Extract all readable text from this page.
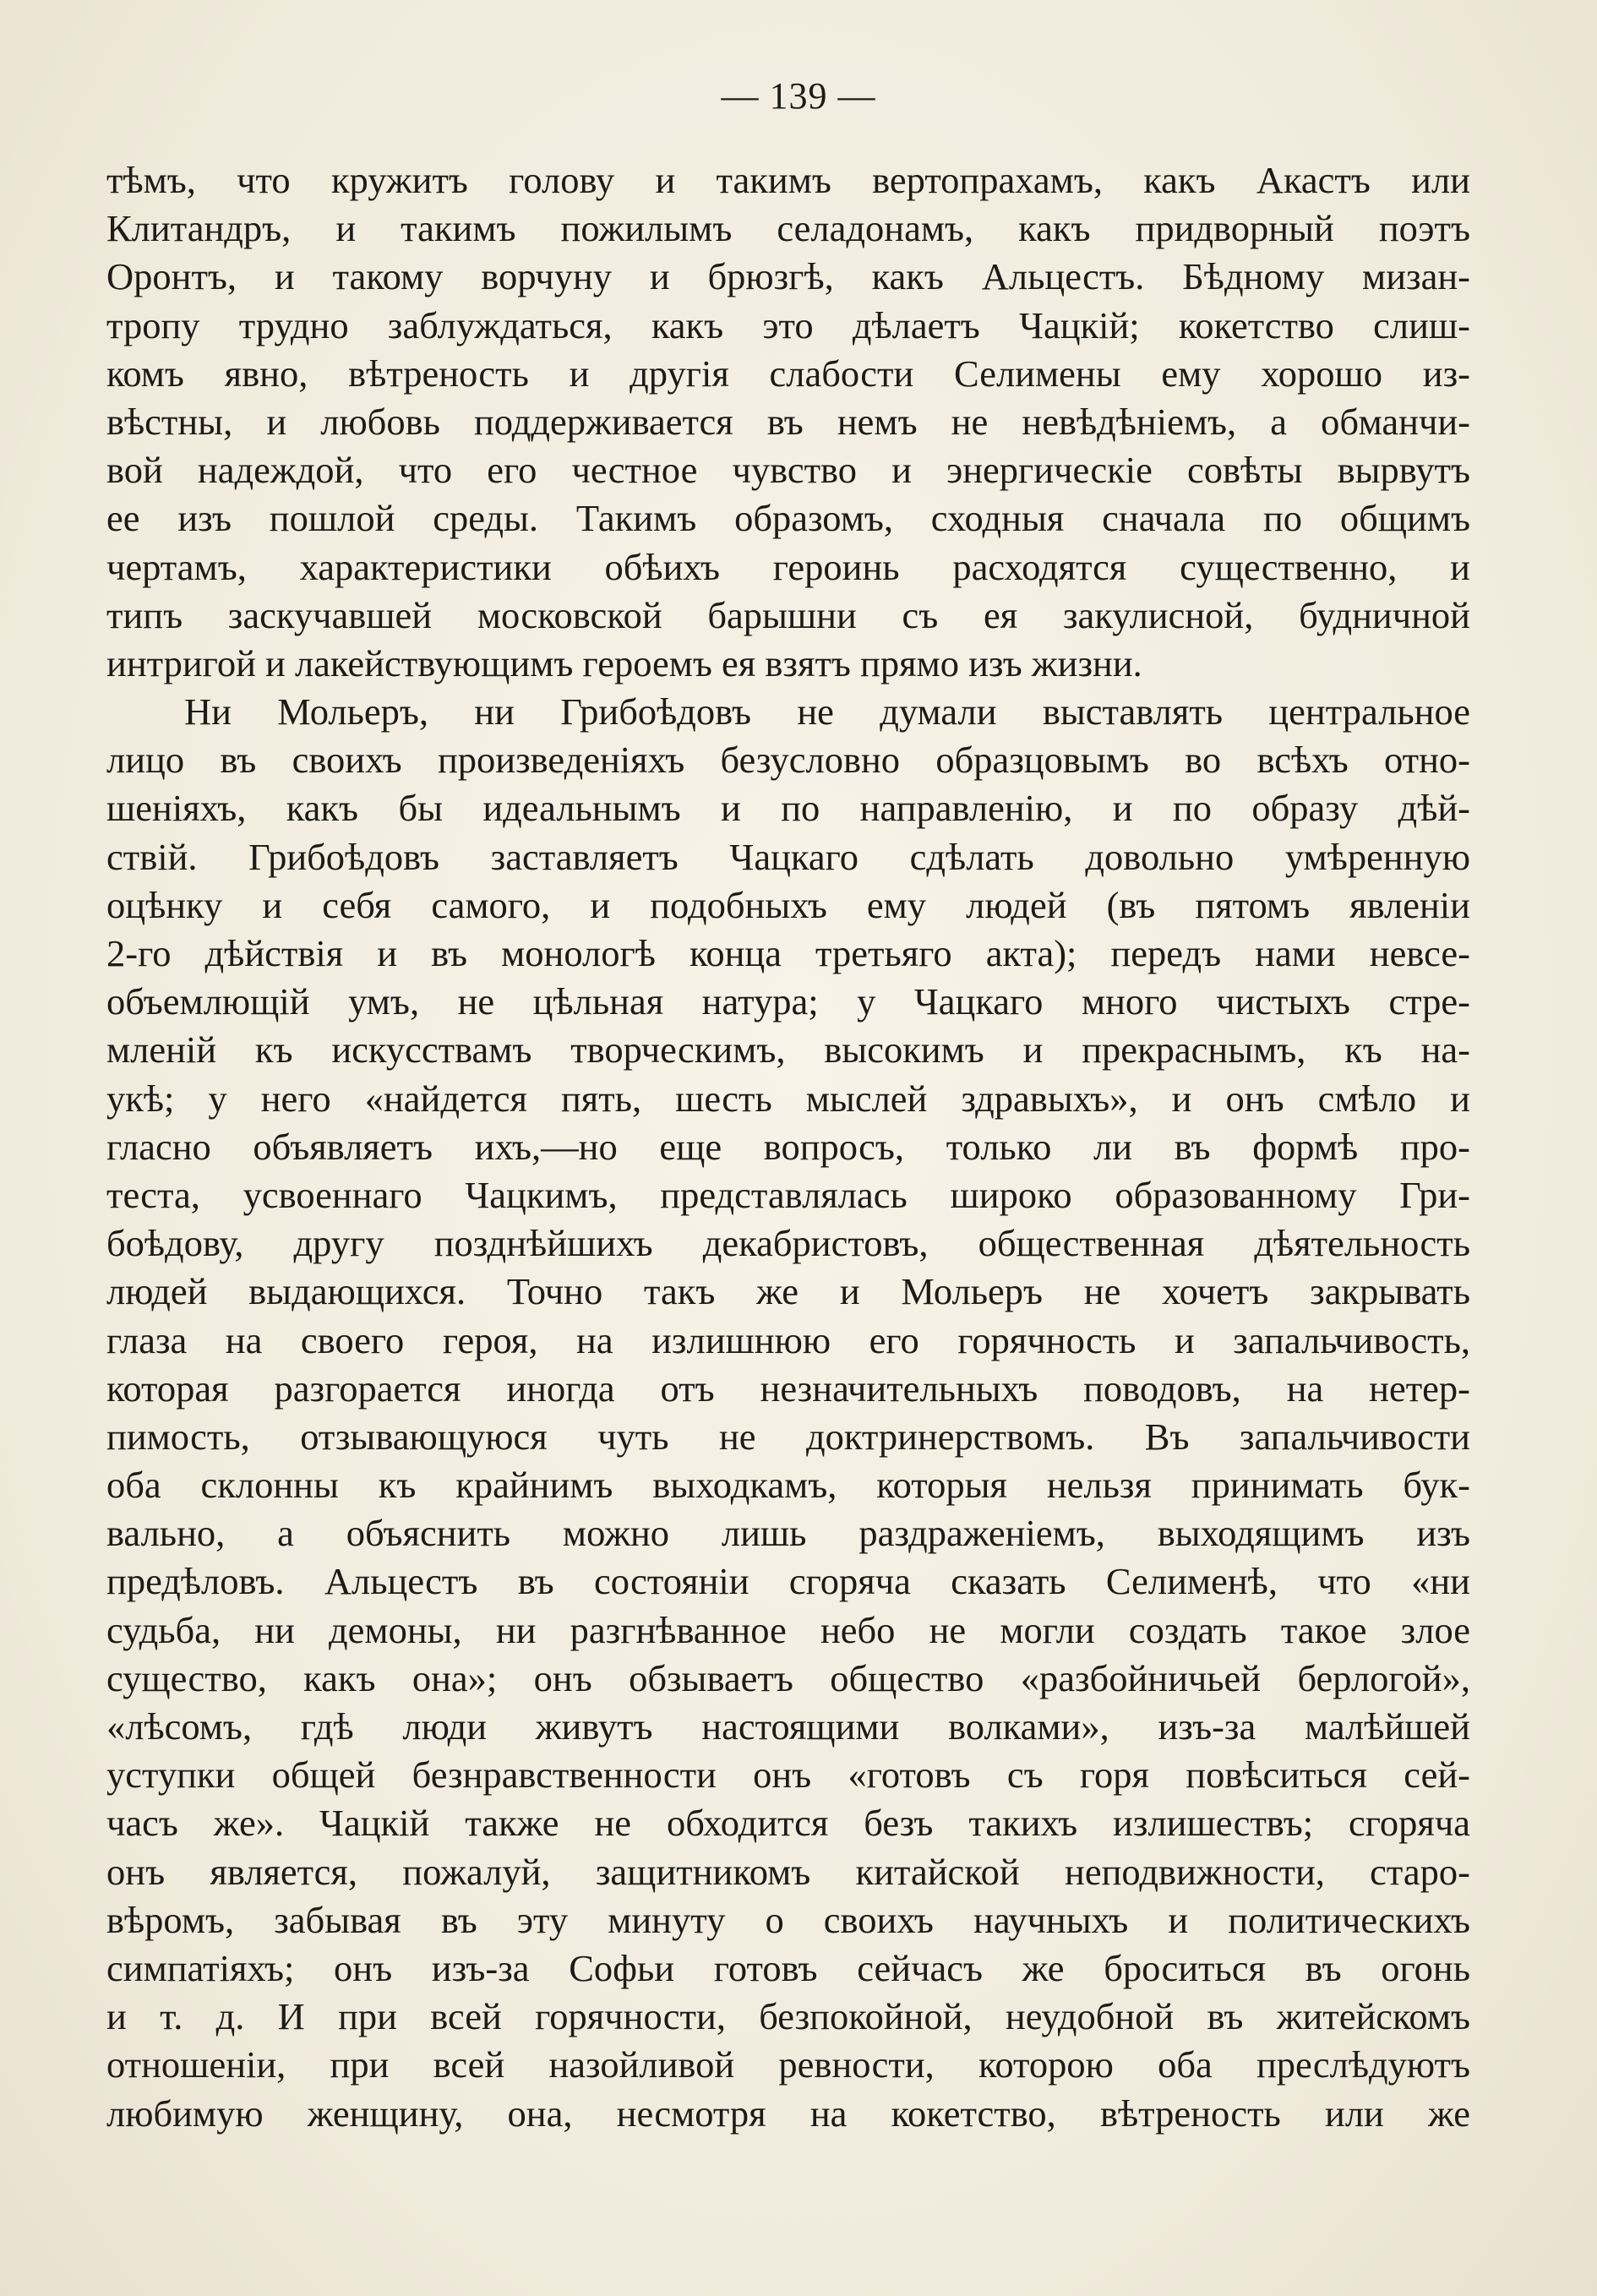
— 139 —
тѣмъ, что кружитъ голову и такимъ вертопрахамъ, какъ Акастъ или
Клитандръ, и такимъ пожилымъ селадонамъ, какъ придворный поэтъ
Оронтъ, и такому ворчуну и брюзгѣ, какъ Альцестъ. Бѣдному мизан-
тропу трудно заблуждаться, какъ это дѣлаетъ Чацкій; кокетство слиш-
комъ явно, вѣтреность и другія слабости Селимены ему хорошо из-
вѣстны, и любовь поддерживается въ немъ не невѣдѣніемъ, а обманчи-
вой надеждой, что его честное чувство и энергическіе совѣты вырвутъ
ее изъ пошлой среды. Такимъ образомъ, сходныя сначала по общимъ
чертамъ, характеристики обѣихъ героинь расходятся существенно, и
типъ заскучавшей московской барышни съ ея закулисной, будничной
интригой и лакействующимъ героемъ ея взятъ прямо изъ жизни.
Ни Мольеръ, ни Грибоѣдовъ не думали выставлять центральное
лицо въ своихъ произведеніяхъ безусловно образцовымъ во всѣхъ отно-
шеніяхъ, какъ бы идеальнымъ и по направленію, и по образу дѣй-
ствій. Грибоѣдовъ заставляетъ Чацкаго сдѣлать довольно умѣренную
оцѣнку и себя самого, и подобныхъ ему людей (въ пятомъ явленіи
2-го дѣйствія и въ монологѣ конца третьяго акта); передъ нами невсе-
объемлющій умъ, не цѣльная натура; у Чацкаго много чистыхъ стре-
мленій къ искусствамъ творческимъ, высокимъ и прекраснымъ, къ на-
укѣ; у него «найдется пять, шесть мыслей здравыхъ», и онъ смѣло и
гласно объявляетъ ихъ,—но еще вопросъ, только ли въ формѣ про-
теста, усвоеннаго Чацкимъ, представлялась широко образованному Гри-
боѣдову, другу позднѣйшихъ декабристовъ, общественная дѣятельность
людей выдающихся. Точно такъ же и Мольеръ не хочетъ закрывать
глаза на своего героя, на излишнюю его горячность и запальчивость,
которая разгорается иногда отъ незначительныхъ поводовъ, на нетер-
пимость, отзывающуюся чуть не доктринерствомъ. Въ запальчивости
оба склонны къ крайнимъ выходкамъ, которыя нельзя принимать бук-
вально, а объяснить можно лишь раздраженіемъ, выходящимъ изъ
предѣловъ. Альцестъ въ состояніи сгоряча сказать Селименѣ, что «ни
судьба, ни демоны, ни разгнѣванное небо не могли создать такое злое
существо, какъ она»; онъ обзываетъ общество «разбойничьей берлогой»,
«лѣсомъ, гдѣ люди живутъ настоящими волками», изъ-за малѣйшей
уступки общей безнравственности онъ «готовъ съ горя повѣситься сей-
часъ же». Чацкій также не обходится безъ такихъ излишествъ; сгоряча
онъ является, пожалуй, защитникомъ китайской неподвижности, старо-
вѣромъ, забывая въ эту минуту о своихъ научныхъ и политическихъ
симпатіяхъ; онъ изъ-за Софьи готовъ сейчасъ же броситься въ огонь
и т. д. И при всей горячности, безпокойной, неудобной въ житейскомъ
отношеніи, при всей назойливой ревности, которою оба преслѣдуютъ
любимую женщину, она, несмотря на кокетство, вѣтреность или же
